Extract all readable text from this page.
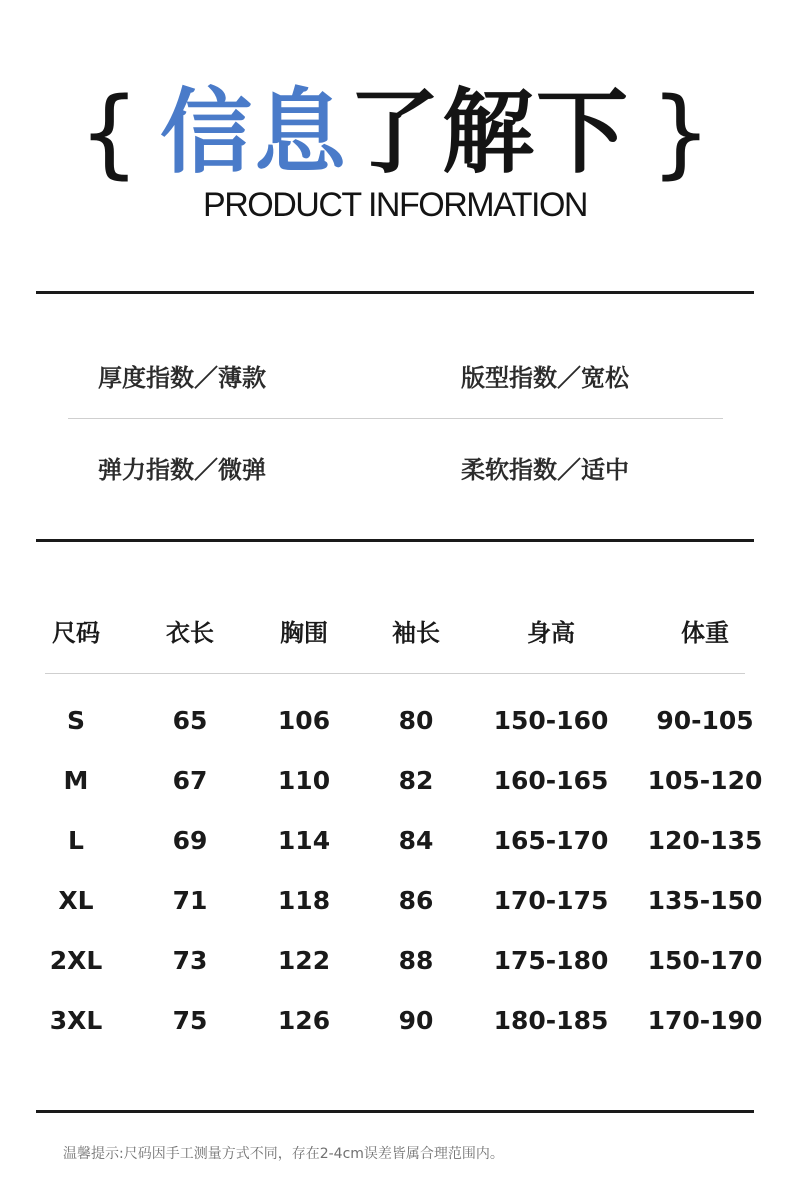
{ 信息了解下 }
PRODUCT INFORMATION
厚度指数／薄款	版型指数／宽松
弹力指数／微弹	柔软指数／适中
尺码	衣长	胸围	袖长	身高	体重
S	65	106	80 150-160 90-105
M	67	110	82 160-165 105-120
L	69	114	84 165-170 120-135
XL	71	118	86 170-175 135-150
2XL	73	122	88 175-180 150-170
3XL	75	126	90 180-185 170-190
温馨提示:尺码因手工测量方式不同，存在2-4cm误差皆属合理范围内。
